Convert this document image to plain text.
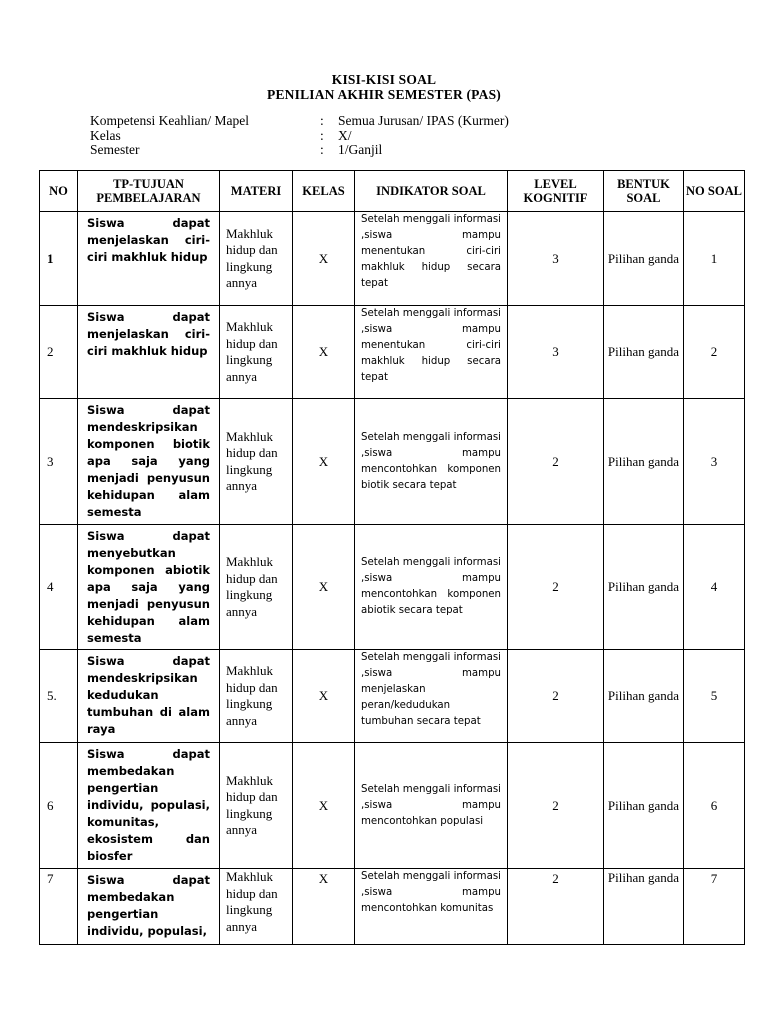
KISI-KISI SOAL
PENILIAN AKHIR SEMESTER (PAS)
Kompetensi Keahlian/ Mapel	:	Semua Jurusan/ IPAS (Kurmer)
Kelas	:	X/
Semester	:	1/Ganjil
NO	TP-TUJUAN PEMBELAJARAN	MATERI	KELAS	INDIKATOR SOAL	LEVEL KOGNITIF	BENTUK SOAL	NO SOAL
1	Siswa dapat menjelaskan ciri-ciri makhluk hidup	Makhluk hidup dan lingkung annya	X	Setelah menggali informasi ,siswa mampu menentukan ciri-ciri makhluk hidup secara tepat	3	Pilihan ganda	1
2	Siswa dapat menjelaskan ciri-ciri makhluk hidup	Makhluk hidup dan lingkung annya	X	Setelah menggali informasi ,siswa mampu menentukan ciri-ciri makhluk hidup secara tepat	3	Pilihan ganda	2
3	Siswa dapat mendeskripsikan komponen biotik apa saja yang menjadi penyusun kehidupan alam semesta	Makhluk hidup dan lingkung annya	X	Setelah menggali informasi ,siswa mampu mencontohkan komponen biotik secara tepat	2	Pilihan ganda	3
4	Siswa dapat menyebutkan komponen abiotik apa saja yang menjadi penyusun kehidupan alam semesta	Makhluk hidup dan lingkung annya	X	Setelah menggali informasi ,siswa mampu mencontohkan komponen abiotik secara tepat	2	Pilihan ganda	4
5.	Siswa dapat mendeskripsikan kedudukan tumbuhan di alam raya	Makhluk hidup dan lingkung annya	X	Setelah menggali informasi ,siswa mampu menjelaskan peran/kedudukan tumbuhan secara tepat	2	Pilihan ganda	5
6	Siswa dapat membedakan pengertian individu, populasi, komunitas, ekosistem dan biosfer	Makhluk hidup dan lingkung annya	X	Setelah menggali informasi ,siswa mampu mencontohkan populasi	2	Pilihan ganda	6
7	Siswa dapat membedakan pengertian individu, populasi,	Makhluk hidup dan lingkung annya	X	Setelah menggali informasi ,siswa mampu mencontohkan komunitas	2	Pilihan ganda	7
